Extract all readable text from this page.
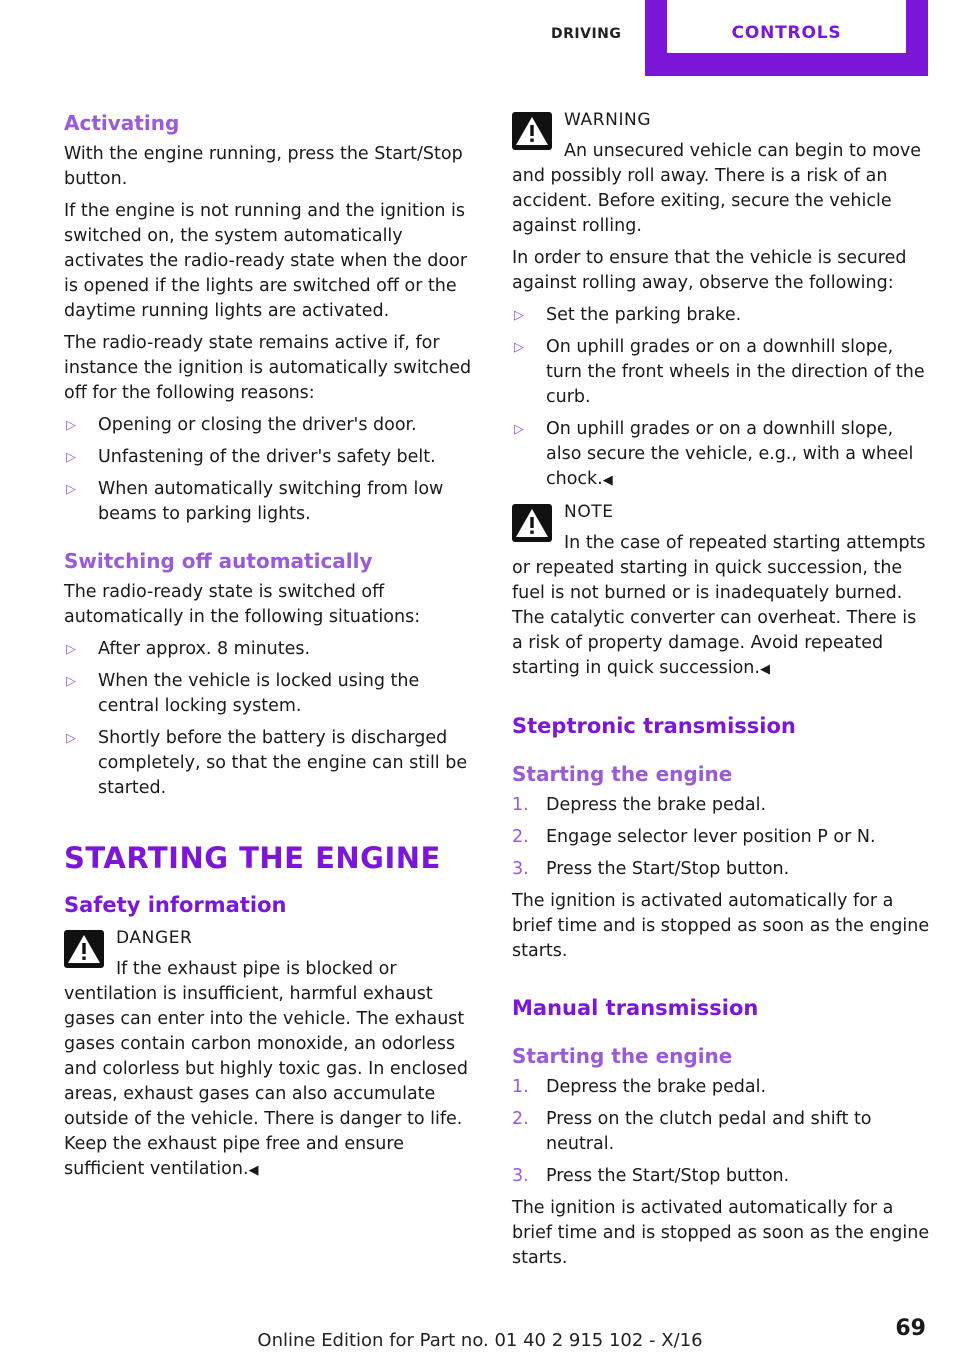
DRIVING	CONTROLS
Activating

With the engine running, press the Start/Stop button.

If the engine is not running and the ignition is switched on, the system automatically activates the radio-ready state when the door is opened if the lights are switched off or the daytime running lights are activated.

The radio-ready state remains active if, for instance the ignition is automatically switched off for the following reasons:

▷ Opening or closing the driver's door.
▷ Unfastening of the driver's safety belt.
▷ When automatically switching from low beams to parking lights.
Switching off automatically

The radio-ready state is switched off automatically in the following situations:

▷ After approx. 8 minutes.
▷ When the vehicle is locked using the central locking system.
▷ Shortly before the battery is discharged completely, so that the engine can still be started.
STARTING THE ENGINE
Safety information
DANGER

If the exhaust pipe is blocked or ventilation is insufficient, harmful exhaust gases can enter into the vehicle. The exhaust gases contain carbon monoxide, an odorless and colorless but highly toxic gas. In enclosed areas, exhaust gases can also accumulate outside of the vehicle. There is danger to life. Keep the exhaust pipe free and ensure sufficient ventilation.◀

WARNING

An unsecured vehicle can begin to move and possibly roll away. There is a risk of an accident. Before exiting, secure the vehicle against rolling.

In order to ensure that the vehicle is secured against rolling away, observe the following:

▷ Set the parking brake.
▷ On uphill grades or on a downhill slope, turn the front wheels in the direction of the curb.
▷ On uphill grades or on a downhill slope, also secure the vehicle, e.g., with a wheel chock.◀
NOTE

In the case of repeated starting attempts or repeated starting in quick succession, the fuel is not burned or is inadequately burned. The catalytic converter can overheat. There is a risk of property damage. Avoid repeated starting in quick succession.◀

Steptronic transmission
Starting the engine
1. Depress the brake pedal.
2. Engage selector lever position P or N.
3. Press the Start/Stop button.

The ignition is activated automatically for a brief time and is stopped as soon as the engine starts.

Manual transmission
Starting the engine
1. Depress the brake pedal.
2. Press on the clutch pedal and shift to neutral.
3. Press the Start/Stop button.

The ignition is activated automatically for a brief time and is stopped as soon as the engine starts.

69
Online Edition for Part no. 01 40 2 915 102 - X/16
